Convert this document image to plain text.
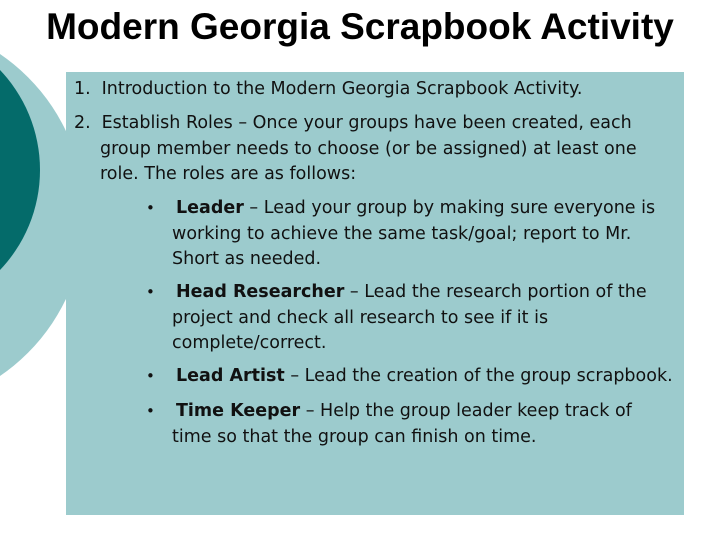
Modern Georgia Scrapbook Activity
1. Introduction to the Modern Georgia Scrapbook Activity.
2. Establish Roles – Once your groups have been created, each
group member needs to choose (or be assigned) at least one
role. The roles are as follows:
• Leader – Lead your group by making sure everyone is
working to achieve the same task/goal; report to Mr.
Short as needed.
• Head Researcher – Lead the research portion of the
project and check all research to see if it is
complete/correct.
• Lead Artist – Lead the creation of the group scrapbook.
• Time Keeper – Help the group leader keep track of
time so that the group can finish on time.
